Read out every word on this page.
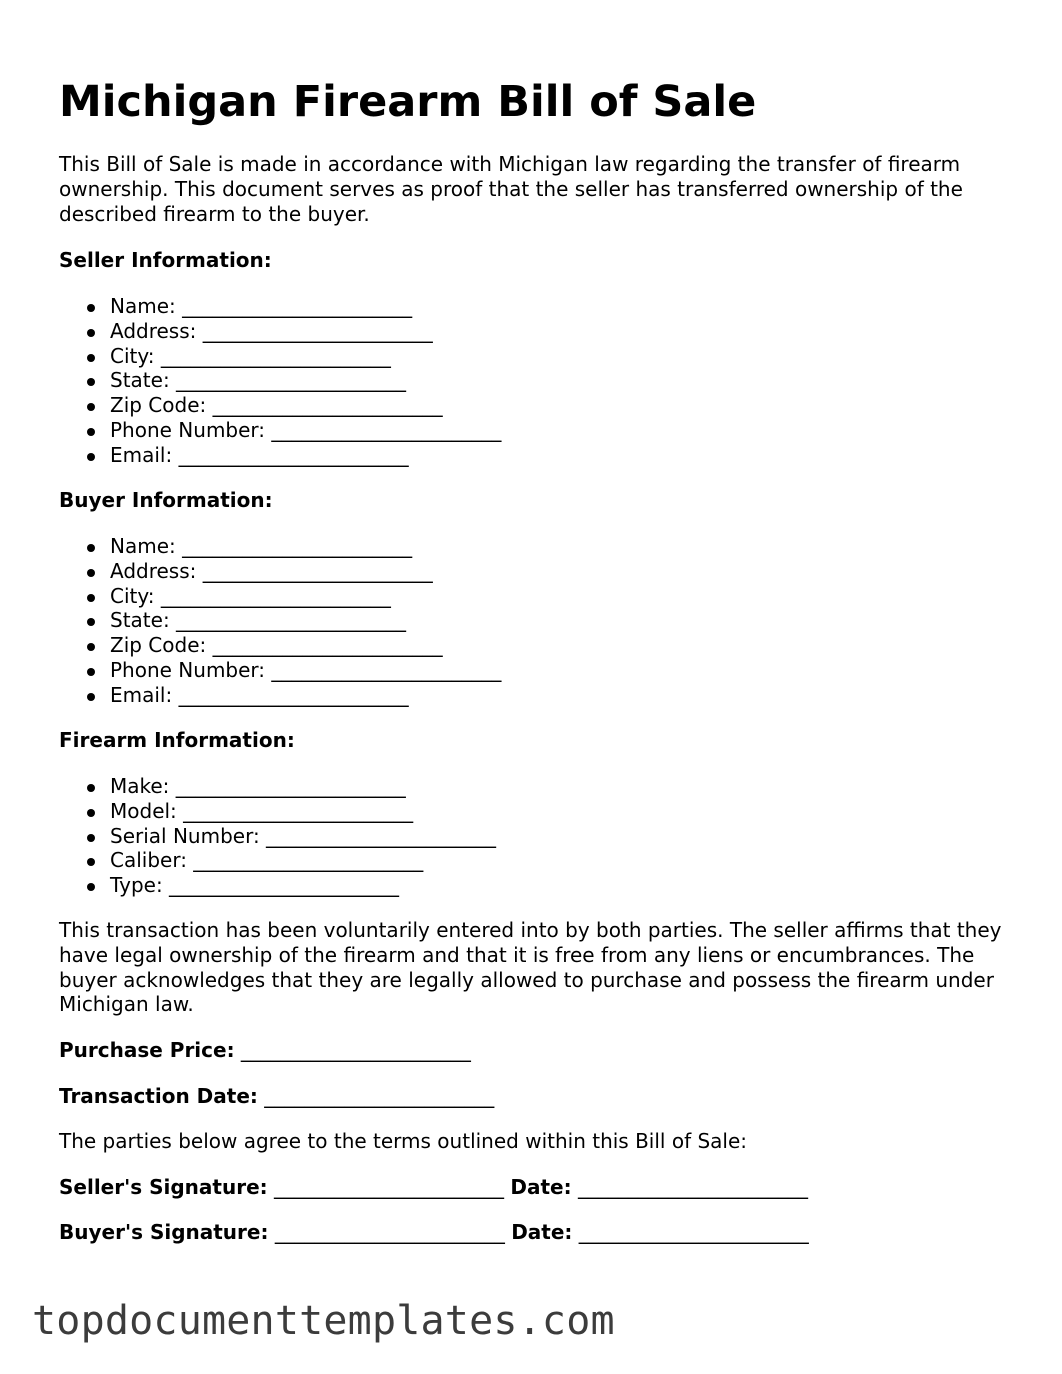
Michigan Firearm Bill of Sale

This Bill of Sale is made in accordance with Michigan law regarding the transfer of firearm ownership. This document serves as proof that the seller has transferred ownership of the described firearm to the buyer.

Seller Information:

Name: _______________________
Address: _______________________
City: _______________________
State: _______________________
Zip Code: _______________________
Phone Number: _______________________
Email: _______________________

Buyer Information:

Name: _______________________
Address: _______________________
City: _______________________
State: _______________________
Zip Code: _______________________
Phone Number: _______________________
Email: _______________________

Firearm Information:

Make: _______________________
Model: _______________________
Serial Number: _______________________
Caliber: _______________________
Type: _______________________

This transaction has been voluntarily entered into by both parties. The seller affirms that they have legal ownership of the firearm and that it is free from any liens or encumbrances. The buyer acknowledges that they are legally allowed to purchase and possess the firearm under Michigan law.

Purchase Price: _______________________
Transaction Date: _______________________

The parties below agree to the terms outlined within this Bill of Sale:

Seller's Signature: _______________________ Date: _______________________
Buyer's Signature: _______________________ Date: _______________________
topdocumenttemplates.com
